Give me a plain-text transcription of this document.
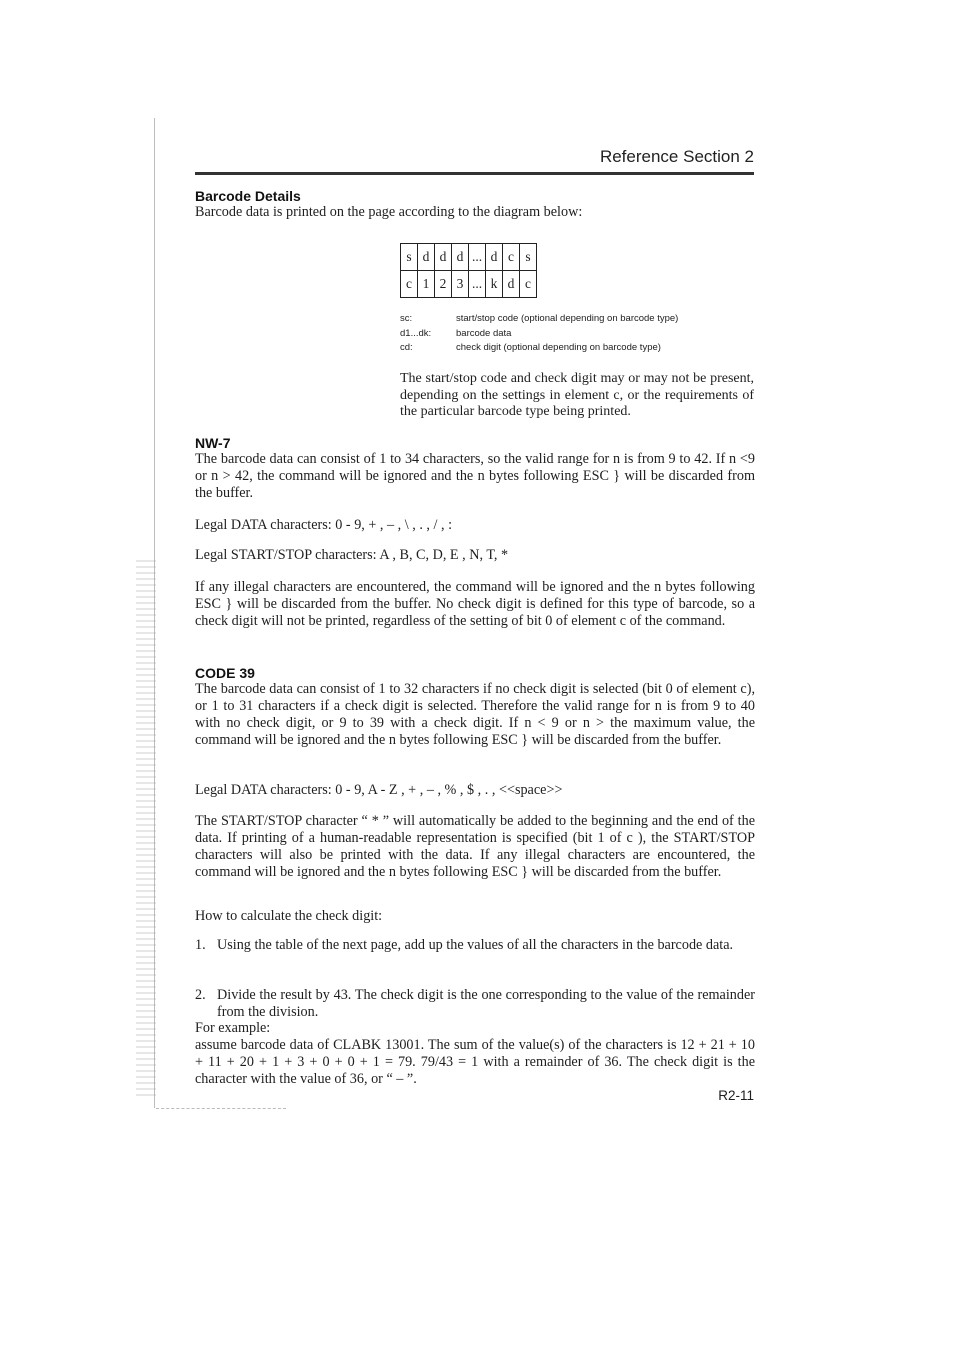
Reference Section 2
Barcode Details
Barcode data is printed on the page according to the diagram below:
s	d	d	d	...	d	c	s
c	1	2	3	...	k	d	c
sc:	start/stop code (optional depending on barcode type)
d1...dk:	barcode data
cd:	check digit (optional depending on barcode type)
The start/stop code and check digit may or may not be present, depending on the settings in element c, or the requirements of the particular barcode type being printed.
NW-7
The barcode data can consist of 1 to 34 characters, so the valid range for n is from 9 to 42. If n <9 or n > 42, the command will be ignored and the n bytes following ESC } will be discarded from the buffer.
Legal DATA characters: 0 - 9, + , – , \ , . , / , :
Legal START/STOP characters: A , B, C, D, E , N, T, *
If any illegal characters are encountered, the command will be ignored and the n bytes following ESC } will be discarded from the buffer. No check digit is defined for this type of barcode, so a check digit will not be printed, regardless of the setting of bit 0 of element c of the command.
CODE 39
The barcode data can consist of 1 to 32 characters if no check digit is selected (bit 0 of element c), or 1 to 31 characters if a check digit is selected. Therefore the valid range for n is from 9 to 40 with no check digit, or 9 to 39 with a check digit. If n < 9 or n > the maximum value, the command will be ignored and the n bytes following ESC } will be discarded from the buffer.
Legal DATA characters: 0 - 9, A - Z , + , – , % , $ , . , <<space>>
The START/STOP character “ * ” will automatically be added to the beginning and the end of the data. If printing of a human-readable representation is specified (bit 1 of c ), the START/STOP characters will also be printed with the data. If any illegal characters are encountered, the command will be ignored and the n bytes following ESC } will be discarded from the buffer.
How to calculate the check digit:
1. Using the table of the next page, add up the values of all the characters in the barcode data.
2. Divide the result by 43. The check digit is the one corresponding to the value of the remainder from the division.
For example:
assume barcode data of CLABK 13001. The sum of the value(s) of the characters is 12 + 21 + 10 + 11 + 20 + 1 + 3 + 0 + 0 + 1 = 79. 79/43 = 1 with a remainder of 36. The check digit is the character with the value of 36, or “ – ”.
R2-11
